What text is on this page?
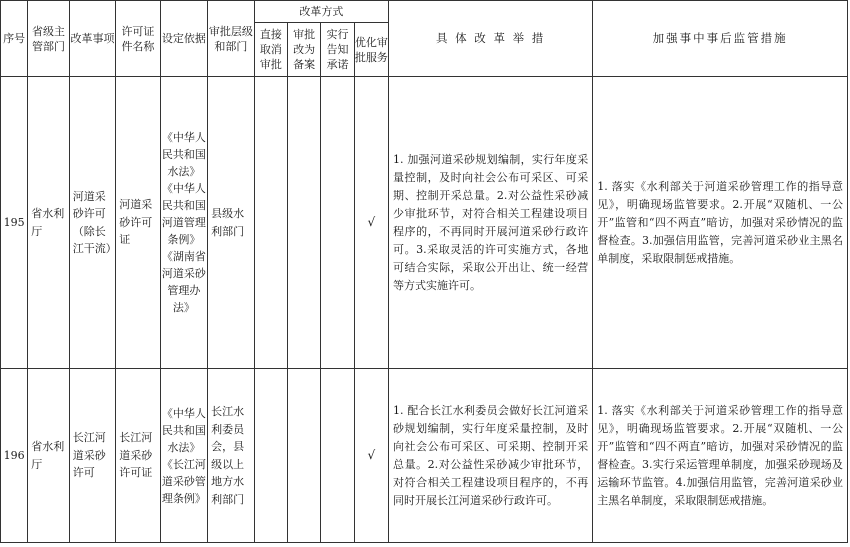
序号	省级主管部门	改革事项	许可证件名称	设定依据	审批层级和部门	改革方式				具 体 改 革 举 措	加强事中事后监管措施
						直接取消审批	审批改为备案	实行告知承诺	优化审批服务		
195	省水利厅	河道采砂许可（除长江干流）	河道采砂许可证	《中华人民共和国水法》《中华人民共和国河道管理条例》《湖南省河道采砂管理办法》	县级水利部门				√	1. 加强河道采砂规划编制，实行年度采量控制，及时向社会公布可采区、可采期、控制开采总量。2.对公益性采砂减少审批环节，对符合相关工程建设项目程序的，不再同时开展河道采砂行政许可。3.采取灵活的许可实施方式，各地可结合实际，采取公开出让、统一经营等方式实施许可。	1. 落实《水利部关于河道采砂管理工作的指导意见》，明确现场监管要求。2.开展“双随机、一公开”监管和“四不两直”暗访，加强对采砂情况的监督检查。3.加强信用监管，完善河道采砂业主黑名单制度，采取限制惩戒措施。
196	省水利厅	长江河道采砂许可	长江河道采砂许可证	《中华人民共和国水法》《长江河道采砂管理条例》	长江水利委员会，县级以上地方水利部门				√	1. 配合长江水利委员会做好长江河道采砂规划编制，实行年度采量控制，及时向社会公布可采区、可采期、控制开采总量。2.对公益性采砂减少审批环节，对符合相关工程建设项目程序的，不再同时开展长江河道采砂行政许可。	1. 落实《水利部关于河道采砂管理工作的指导意见》，明确现场监管要求。2.开展“双随机、一公开”监管和“四不两直”暗访，加强对采砂情况的监督检查。3.实行采运管理单制度，加强采砂现场及运输环节监管。4.加强信用监管，完善河道采砂业主黑名单制度，采取限制惩戒措施。
